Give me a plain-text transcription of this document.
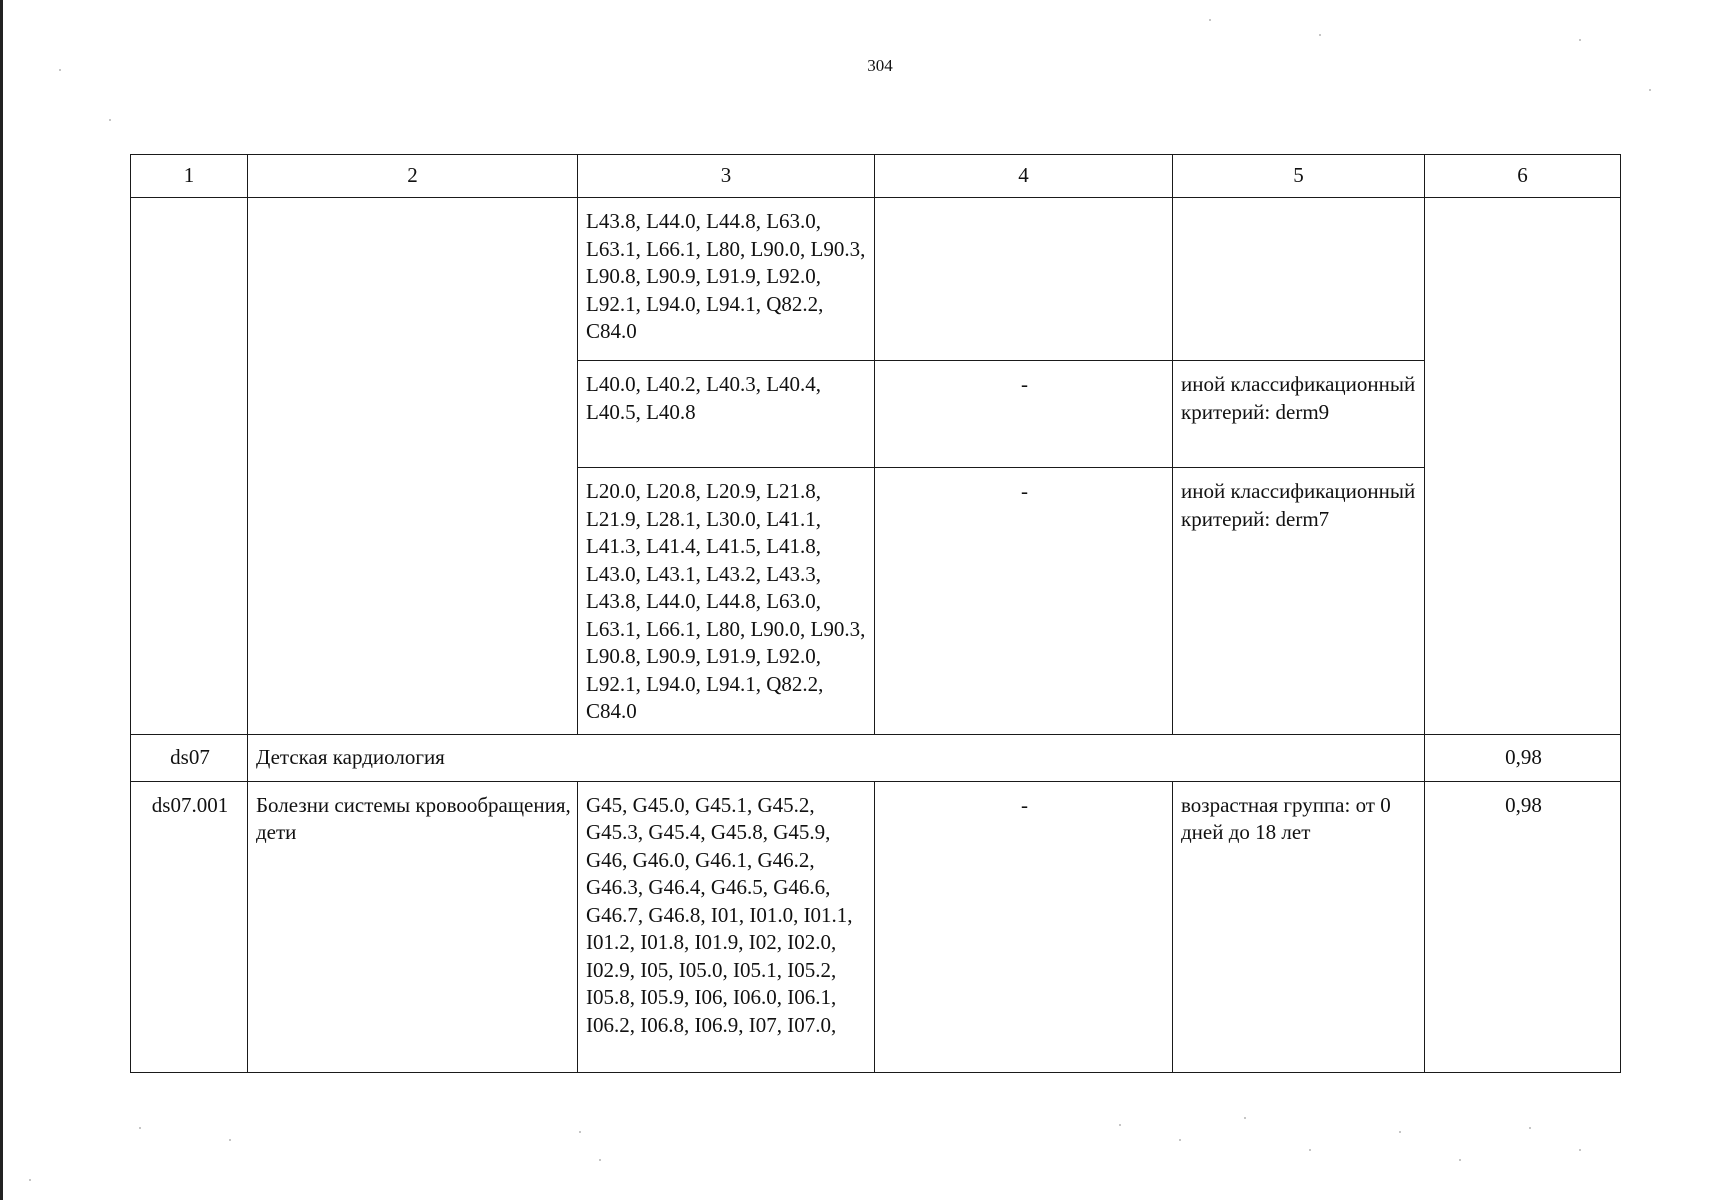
304
1	2	3	4	5	6
		L43.8, L44.0, L44.8, L63.0, L63.1, L66.1, L80, L90.0, L90.3, L90.8, L90.9, L91.9, L92.0, L92.1, L94.0, L94.1, Q82.2, C84.0			
		L40.0, L40.2, L40.3, L40.4, L40.5, L40.8	-	иной классификационный критерий: derm9	
		L20.0, L20.8, L20.9, L21.8, L21.9, L28.1, L30.0, L41.1, L41.3, L41.4, L41.5, L41.8, L43.0, L43.1, L43.2, L43.3, L43.8, L44.0, L44.8, L63.0, L63.1, L66.1, L80, L90.0, L90.3, L90.8, L90.9, L91.9, L92.0, L92.1, L94.0, L94.1, Q82.2, C84.0	-	иной классификационный критерий: derm7	
ds07	Детская кардиология				0,98
ds07.001	Болезни системы кровообращения, дети	G45, G45.0, G45.1, G45.2, G45.3, G45.4, G45.8, G45.9, G46, G46.0, G46.1, G46.2, G46.3, G46.4, G46.5, G46.6, G46.7, G46.8, I01, I01.0, I01.1, I01.2, I01.8, I01.9, I02, I02.0, I02.9, I05, I05.0, I05.1, I05.2, I05.8, I05.9, I06, I06.0, I06.1, I06.2, I06.8, I06.9, I07, I07.0,	-	возрастная группа: от 0 дней до 18 лет	0,98
